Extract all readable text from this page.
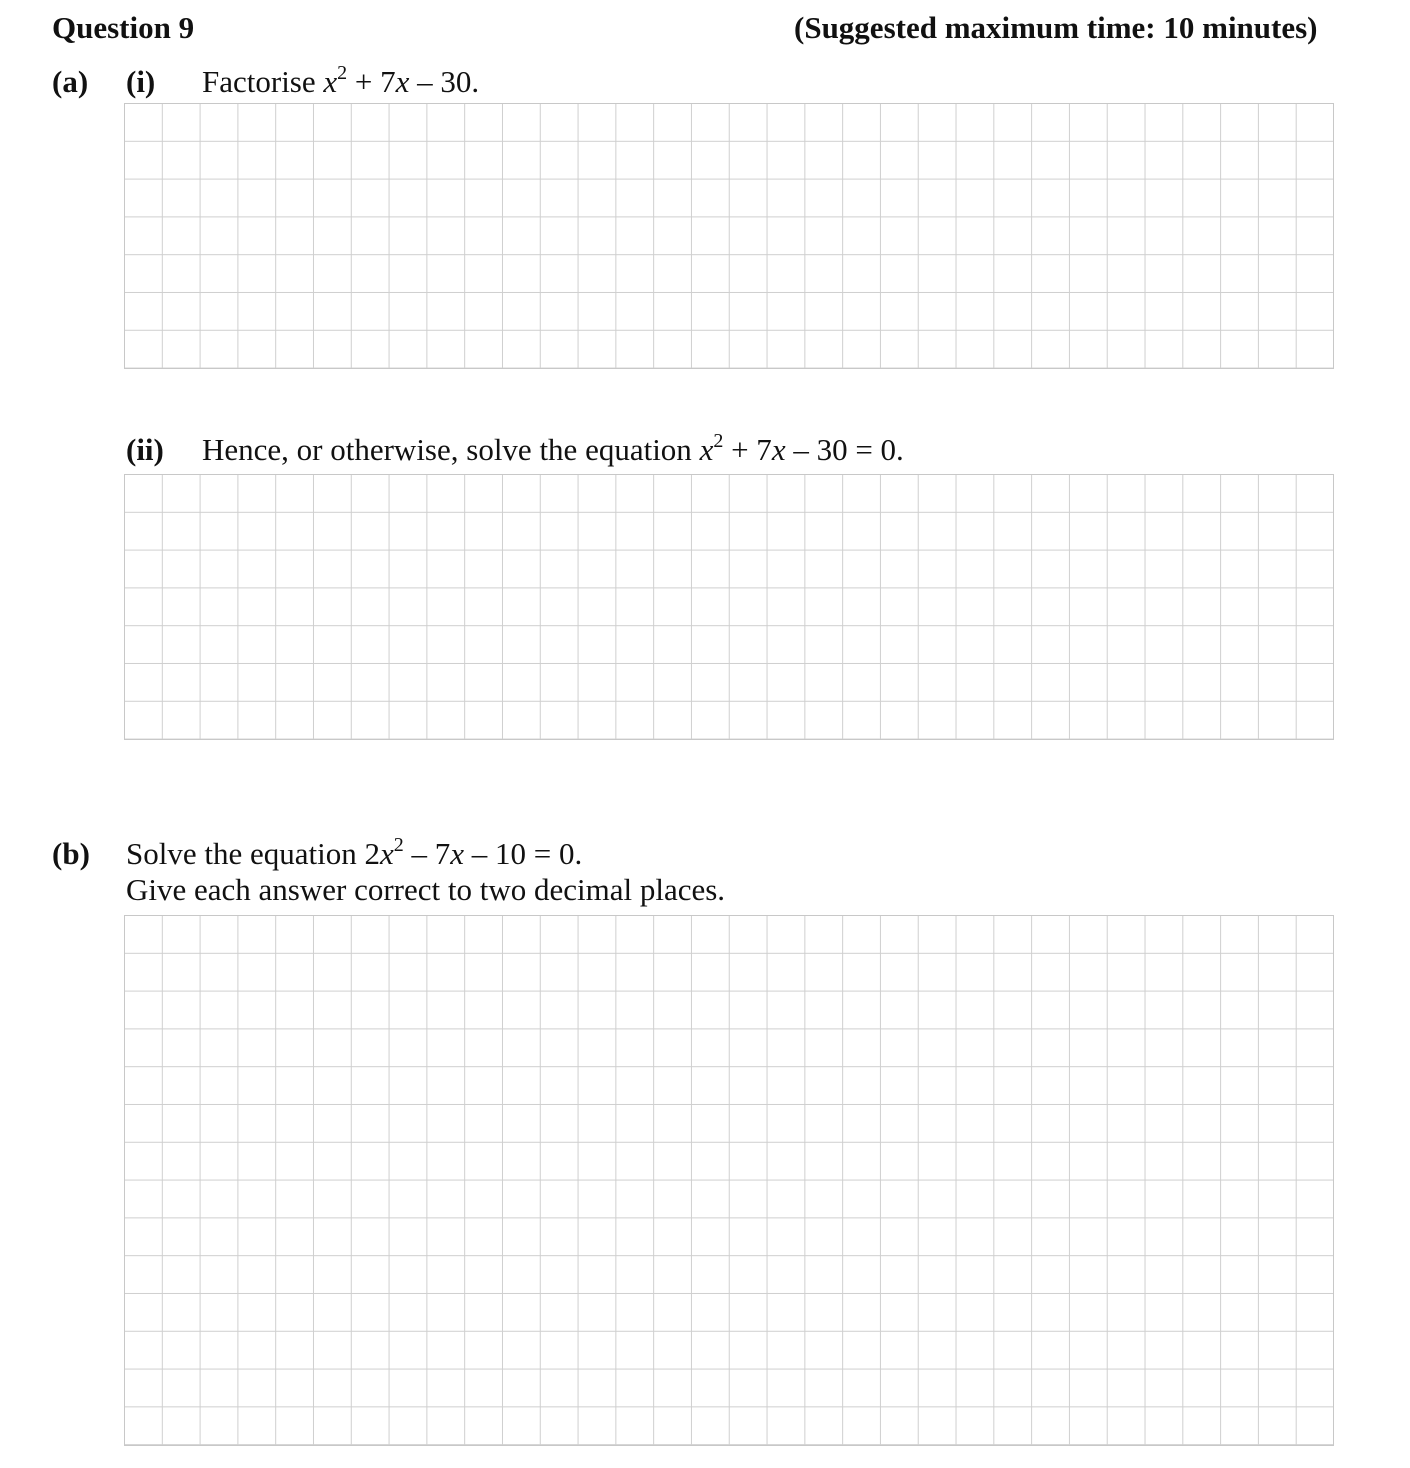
Question 9	(Suggested maximum time: 10 minutes)
(a) (i) Factorise $x^2 + 7x - 30$.
(ii) Hence, or otherwise, solve the equation $x^2 + 7x - 30 = 0$.
(b) Solve the equation $2x^2 - 7x - 10 = 0$.
Give each answer correct to two decimal places.
